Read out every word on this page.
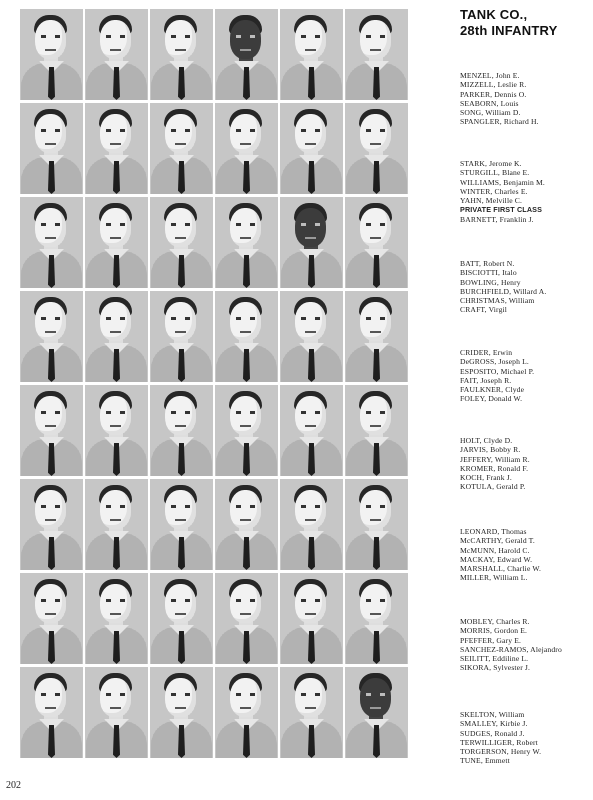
TANK CO.,
28th INFANTRY
MENZEL, John E.
MIZZELL, Leslie R.
PARKER, Dennis O.
SEABORN, Louis
SONG, William D.
SPANGLER, Richard H.
STARK, Jerome K.
STURGILL, Blane E.
WILLIAMS, Benjamin M.
WINTER, Charles E.
YAHN, Melville C.
PRIVATE FIRST CLASS
BARNETT, Franklin J.
BATT, Robert N.
BISCIOTTI, Italo
BOWLING, Henry
BURCHFIELD, Willard A.
CHRISTMAS, William
CRAFT, Virgil
CRIDER, Erwin
DeGROSS, Joseph L.
ESPOSITO, Michael P.
FAIT, Joseph R.
FAULKNER, Clyde
FOLEY, Donald W.
HOLT, Clyde D.
JARVIS, Bobby R.
JEFFERY, William R.
KROMER, Ronald F.
KOCH, Frank J.
KOTULA, Gerald P.
LEONARD, Thomas
McCARTHY, Gerald T.
McMUNN, Harold C.
MACKAY, Edward W.
MARSHALL, Charlie W.
MILLER, William L.
MOBLEY, Charles R.
MORRIS, Gordon E.
PFEFFER, Gary E.
SANCHEZ-RAMOS, Alejandro
SEILITT, Eddiline L.
SIKORA, Sylvester J.
SKELTON, William
SMALLEY, Kirbie J.
SUDGES, Ronald J.
TERWILLIGER, Robert
TORGERSON, Henry W.
TUNE, Emmett
202
